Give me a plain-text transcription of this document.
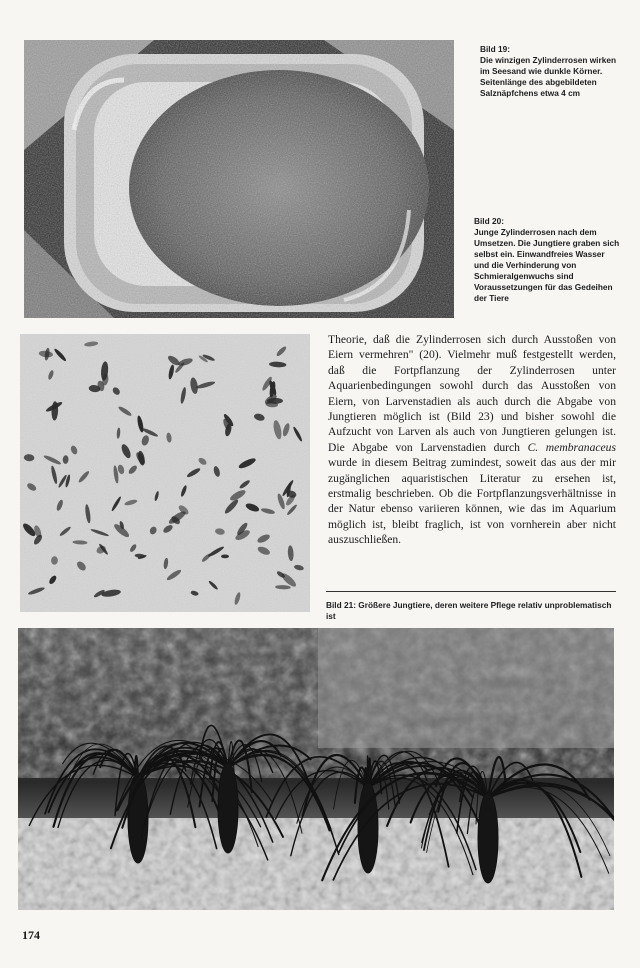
Bild 19:
Die winzigen Zylinderrosen wirken im Seesand wie dunkle Körner. Seitenlänge des abgebildeten Salznäpfchens etwa 4 cm
Bild 20:
Junge Zylinderrosen nach dem Umsetzen. Die Jungtiere graben sich selbst ein. Einwandfreies Wasser und die Verhinderung von Schmieralgenwuchs sind Voraussetzungen für das Gedeihen der Tiere
Theorie, daß die Zylinderrosen sich durch Ausstoßen von Eiern vermehren" (20). Vielmehr muß festgestellt werden, daß die Fortpflanzung der Zylinderrosen unter Aquarienbedingungen sowohl durch das Ausstoßen von Eiern, von Larvenstadien als auch durch die Abgabe von Jungtieren möglich ist (Bild 23) und bisher sowohl die Aufzucht von Larven als auch von Jungtieren gelungen ist. Die Abgabe von Larvenstadien durch C. membranaceus wurde in diesem Beitrag zumindest, soweit das aus der mir zugänglichen aquaristischen Literatur zu ersehen ist, erstmalig beschrieben. Ob die Fortpflanzungsverhältnisse in der Natur ebenso variieren können, wie das im Aquarium möglich ist, bleibt fraglich, ist von vornherein aber nicht auszuschließen.
Bild 21: Größere Jungtiere, deren weitere Pflege relativ unproblematisch ist
174
